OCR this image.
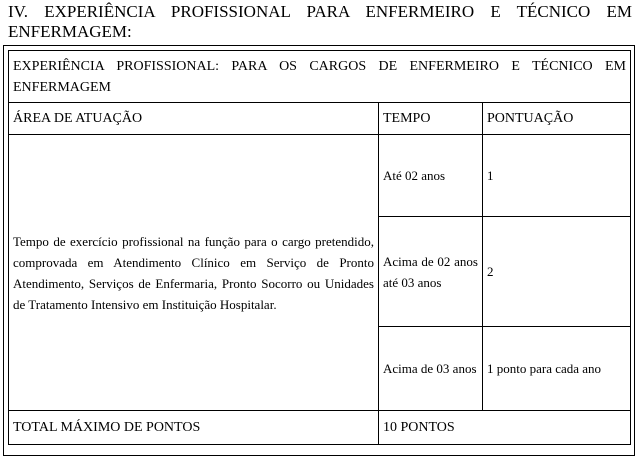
IV. EXPERIÊNCIA PROFISSIONAL PARA ENFERMEIRO E TÉCNICO EM ENFERMAGEM:
EXPERIÊNCIA PROFISSIONAL: PARA OS CARGOS DE ENFERMEIRO E TÉCNICO EM ENFERMAGEM		
ÁREA DE ATUAÇÃO	TEMPO	PONTUAÇÃO
Tempo de exercício profissional na função para o cargo pretendido, comprovada em Atendimento Clínico em Serviço de Pronto Atendimento, Serviços de Enfermaria, Pronto Socorro ou Unidades de Tratamento Intensivo em Instituição Hospitalar.	Até 02 anos	1
	Acima de 02 anos até 03 anos	2
	Acima de 03 anos	1 ponto para cada ano
TOTAL MÁXIMO DE PONTOS	10 PONTOS	
